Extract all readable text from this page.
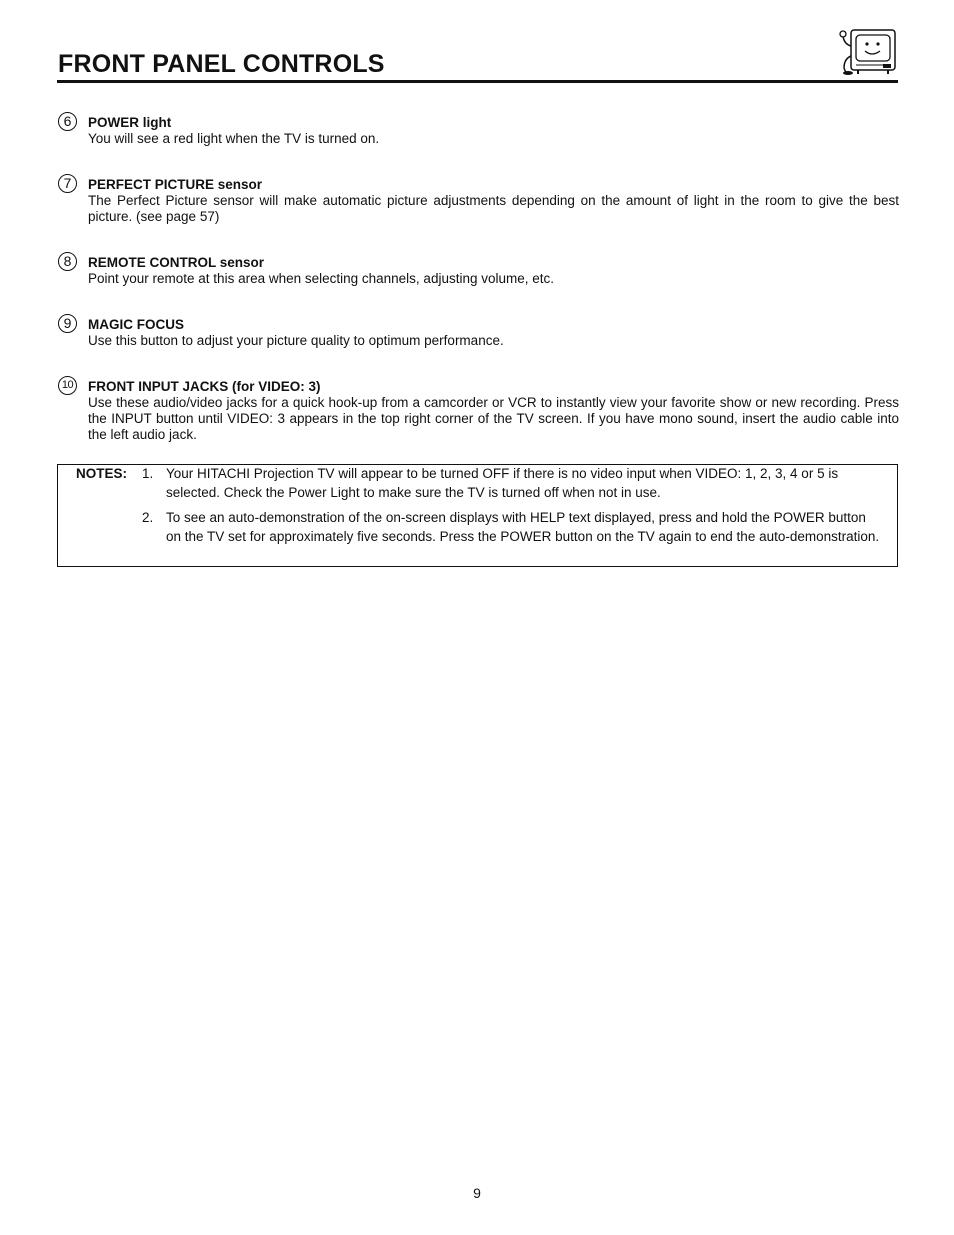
FRONT PANEL CONTROLS
6	POWER light
You will see a red light when the TV is turned on.
7	PERFECT PICTURE sensor
The Perfect Picture sensor will make automatic picture adjustments depending on the amount of light in the room to give the best picture. (see page 57)
8	REMOTE CONTROL sensor
Point your remote at this area when selecting channels, adjusting volume, etc.
9	MAGIC FOCUS
Use this button to adjust your picture quality to optimum performance.
10 FRONT INPUT JACKS (for VIDEO: 3)
Use these audio/video jacks for a quick hook-up from a camcorder or VCR to instantly view your favorite show or new recording. Press the INPUT button until VIDEO: 3 appears in the top right corner of the TV screen. If you have mono sound, insert the audio cable into the left audio jack.
NOTES: 1. Your HITACHI Projection TV will appear to be turned OFF if there is no video input when VIDEO: 1, 2, 3, 4 or 5 is selected. Check the Power Light to make sure the TV is turned off when not in use.
2. To see an auto-demonstration of the on-screen displays with HELP text displayed, press and hold the POWER button on the TV set for approximately five seconds. Press the POWER button on the TV again to end the auto-demonstration.
9
